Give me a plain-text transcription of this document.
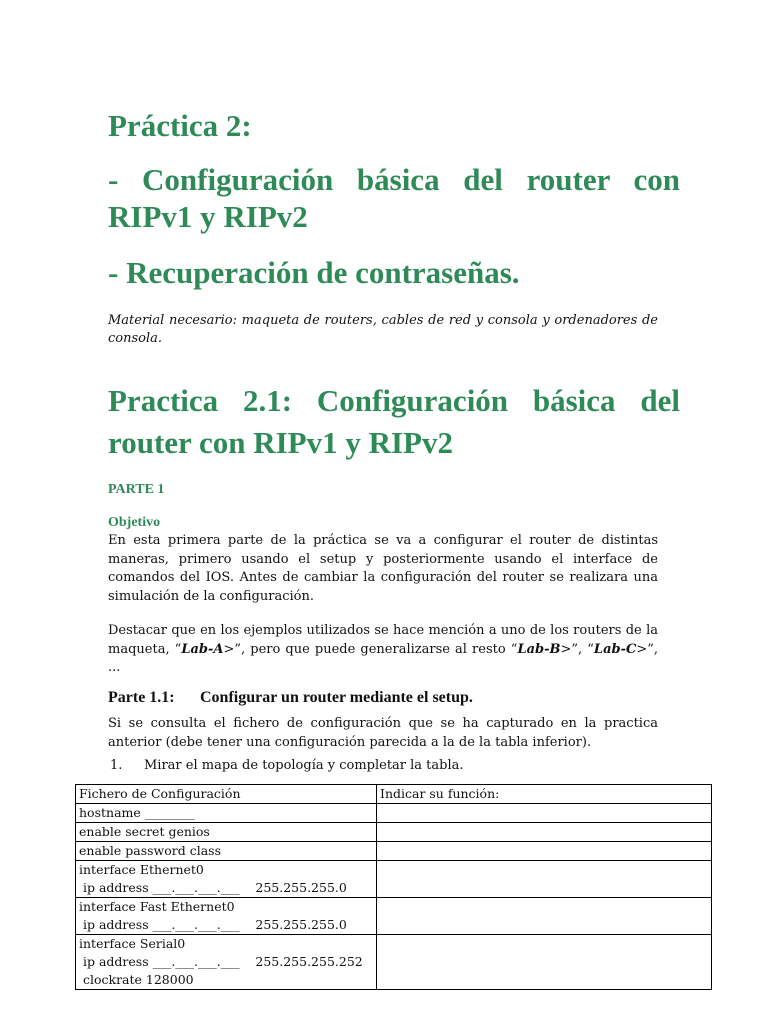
Práctica 2:
- Configuración básica del router con
RIPv1 y RIPv2
- Recuperación de contraseñas.
Material necesario: maqueta de routers, cables de red y consola y ordenadores de consola.
Practica 2.1: Configuración básica del
router con RIPv1 y RIPv2
PARTE 1
Objetivo
En esta primera parte de la práctica se va a configurar el router de distintas maneras, primero usando el setup y posteriormente usando el interface de comandos del IOS. Antes de cambiar la configuración del router se realizara una simulación de la configuración.
Destacar que en los ejemplos utilizados se hace mención a uno de los routers de la maqueta, “Lab-A>”, pero que puede generalizarse al resto “Lab-B>”, “Lab-C>”, ...
Parte 1.1: Configurar un router mediante el setup.
Si se consulta el fichero de configuración que se ha capturado en la practica anterior (debe tener una configuración parecida a la de la tabla inferior).
1. Mirar el mapa de topología y completar la tabla.
Fichero de Configuración	Indicar su función:

hostname ________	

enable secret genios	

enable password class	

interface Ethernet0
ip address ___.___.___.___    255.255.255.0	

interface Fast Ethernet0
ip address ___.___.___.___    255.255.255.0	

interface Serial0
ip address ___.___.___.___    255.255.255.252
clockrate 128000	
